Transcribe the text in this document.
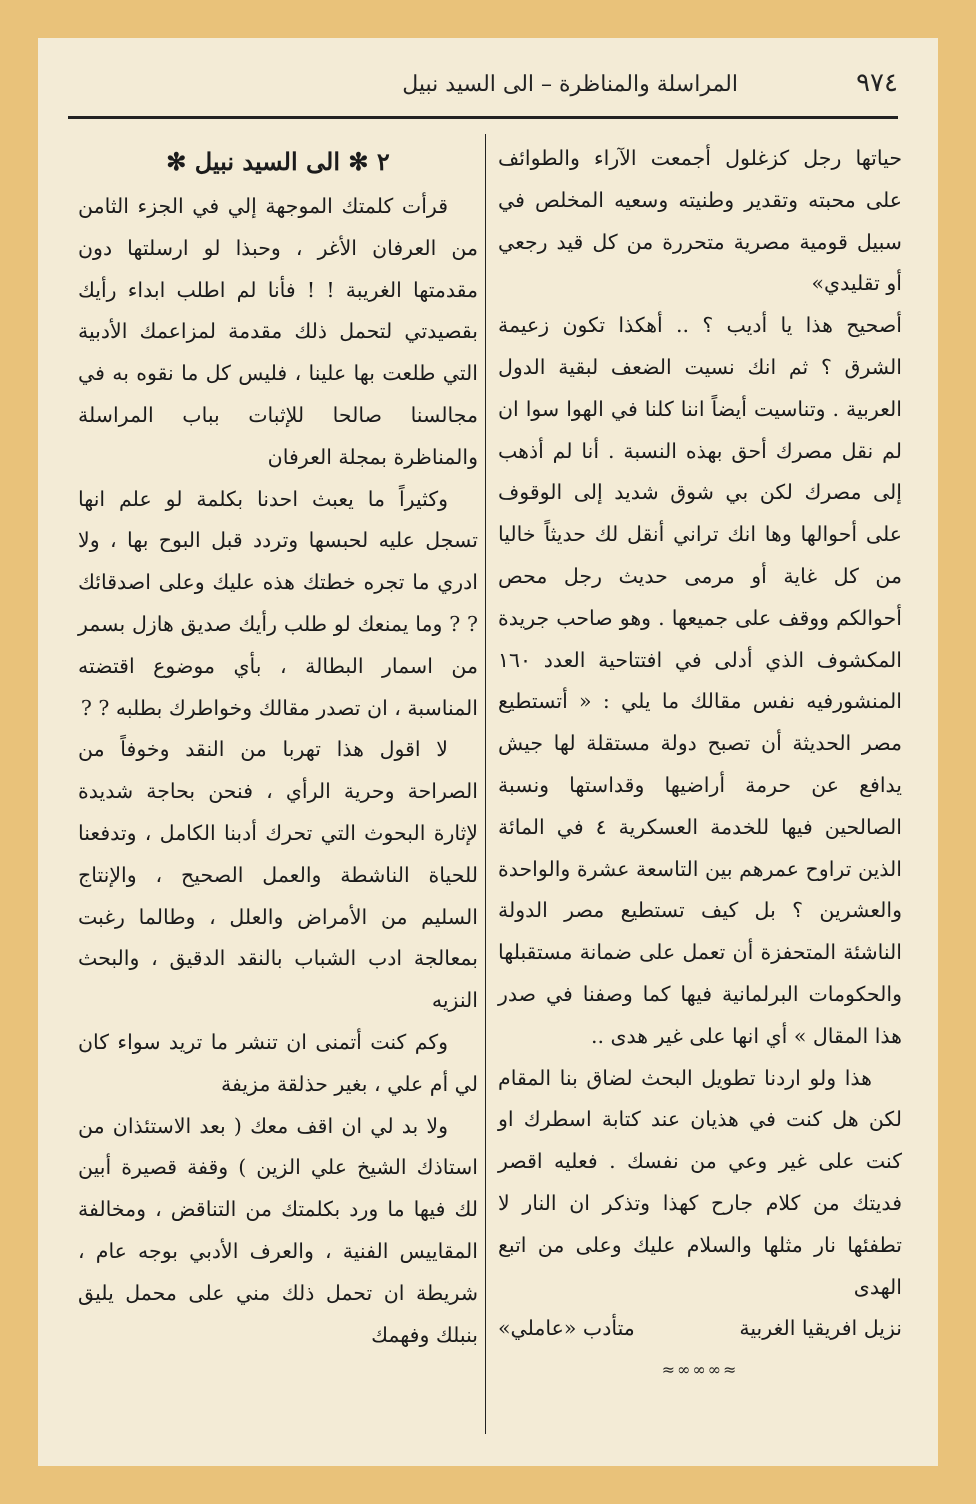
٩٧٤
المراسلة والمناظرة – الى السيد نبيل

حياتها رجل كزغلول أجمعت الآراء والطوائف على محبته وتقدير وطنيته وسعيه المخلص في سبيل قومية مصرية متحررة من كل قيد رجعي أو تقليدي»

أصحيح هذا يا أديب ؟ .. أهكذا تكون زعيمة الشرق ؟ ثم انك نسيت الضعف لبقية الدول العربية . وتناسيت أيضاً اننا كلنا في الهوا سوا ان لم نقل مصرك أحق بهذه النسبة . أنا لم أذهب إلى مصرك لكن بي شوق شديد إلى الوقوف على أحوالها وها انك تراني أنقل لك حديثاً خاليا من كل غاية أو مرمى حديث رجل محص أحوالكم ووقف على جميعها . وهو صاحب جريدة المكشوف الذي أدلى في افتتاحية العدد ١٦٠ المنشورفيه نفس مقالك ما يلي : « أتستطيع مصر الحديثة أن تصبح دولة مستقلة لها جيش يدافع عن حرمة أراضيها وقداستها ونسبة الصالحين فيها للخدمة العسكرية ٤ في المائة الذين تراوح عمرهم بين التاسعة عشرة والواحدة والعشرين ؟ بل كيف تستطيع مصر الدولة الناشئة المتحفزة أن تعمل على ضمانة مستقبلها والحكومات البرلمانية فيها كما وصفنا في صدر هذا المقال » أي انها على غير هدى ..

هذا ولو اردنا تطويل البحث لضاق بنا المقام لكن هل كنت في هذيان عند كتابة اسطرك او كنت على غير وعي من نفسك . فعليه اقصر فديتك من كلام جارح كهذا وتذكر ان النار لا تطفئها نار مثلها والسلام عليك وعلى من اتبع الهدى

نزيل افريقيا الغربية
متأدب «عاملي»
≈∞∞∞≈
٢ ✻ الى السيد نبيل ✻

قرأت كلمتك الموجهة إلي في الجزء الثامن من العرفان الأغر ، وحبذا لو ارسلتها دون مقدمتها الغريبة ! ! فأنا لم اطلب ابداء رأيك بقصيدتي لتحمل ذلك مقدمة لمزاعمك الأدبية التي طلعت بها علينا ، فليس كل ما نقوه به في مجالسنا صالحا للإثبات بباب المراسلة والمناظرة بمجلة العرفان

وكثيراً ما يعبث احدنا بكلمة لو علم انها تسجل عليه لحبسها وتردد قبل البوح بها ، ولا ادري ما تجره خطتك هذه عليك وعلى اصدقائك ? ? وما يمنعك لو طلب رأيك صديق هازل بسمر من اسمار البطالة ، بأي موضوع اقتضته المناسبة ، ان تصدر مقالك وخواطرك بطلبه ? ?

لا اقول هذا تهربا من النقد وخوفاً من الصراحة وحرية الرأي ، فنحن بحاجة شديدة لإثارة البحوث التي تحرك أدبنا الكامل ، وتدفعنا للحياة الناشطة والعمل الصحيح ، والإنتاج السليم من الأمراض والعلل ، وطالما رغبت بمعالجة ادب الشباب بالنقد الدقيق ، والبحث النزيه

وكم كنت أتمنى ان تنشر ما تريد سواء كان لي أم علي ، بغير حذلقة مزيفة

ولا بد لي ان اقف معك ( بعد الاستئذان من استاذك الشيخ علي الزين ) وقفة قصيرة أبين لك فيها ما ورد بكلمتك من التناقض ، ومخالفة المقاييس الفنية ، والعرف الأدبي بوجه عام ، شريطة ان تحمل ذلك مني على محمل يليق بنبلك وفهمك
